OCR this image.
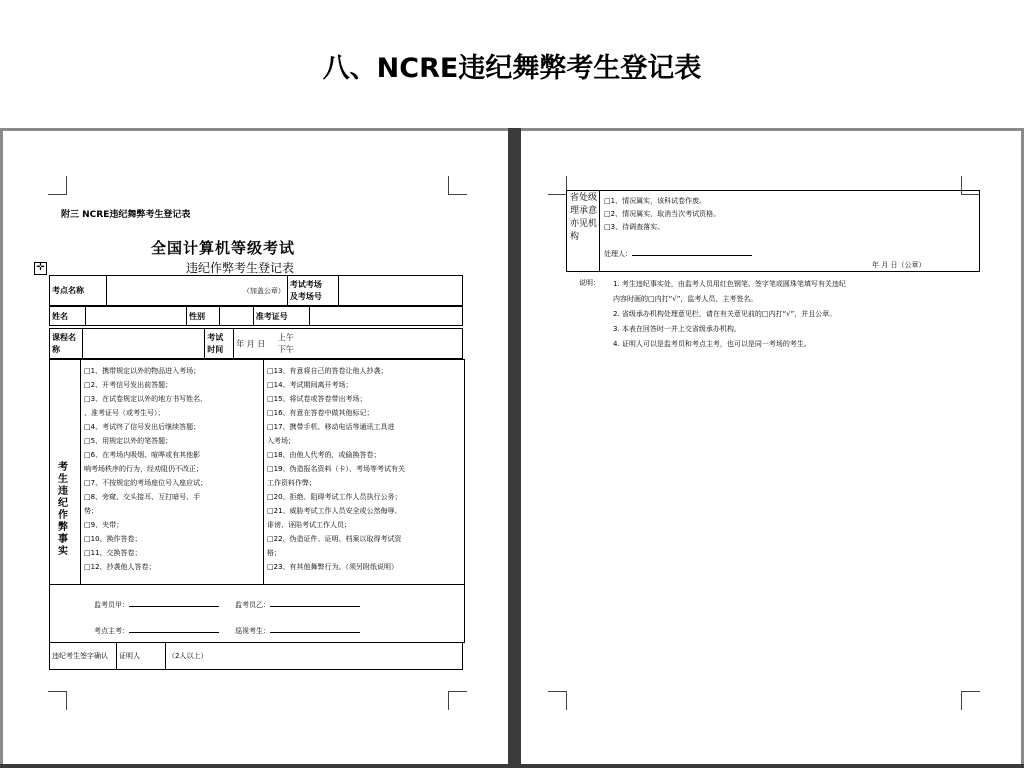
八、NCRE违纪舞弊考生登记表
附三 NCRE违纪舞弊考生登记表
全国计算机等级考试
违纪作弊考生登记表
✛
考点名称	（加盖公章）	考试考场
及考场号	
姓名		性别		准考证号	
课程名称		考试时间	年 月 日     上午
下午
考生违纪作弊事实
□1、携带规定以外的物品进入考场；
□2、开考信号发出前答题；
□3、在试卷规定以外的地方书写姓名、
、准考证号（或考生号）；
□4、考试终了信号发出后继续答题；
□5、用规定以外的笔答题；
□6、在考场内吸烟、喧哗或有其他影
响考场秩序的行为，经劝阻仍不改正；
□7、不按规定的考场座位号入座应试；
□8、旁窥、交头接耳、互打暗号、手
势；
□9、夹带；
□10、换作答卷；
□11、交换答卷；
□12、抄袭他人答卷；
□13、有意将自己的答卷让他人抄袭；
□14、考试期间离开考场；
□15、将试卷或答卷带出考场；
□16、有意在答卷中做其他标记；
□17、携带手机、移动电话等通讯工具进
入考场；
□18、由他人代考的，或偷换答卷；
□19、伪造报名资料（卡）、考场等考试有关
工作资料作弊；
□20、拒绝、阻碍考试工作人员执行公务；
□21、威胁考试工作人员安全或公然侮辱、
诽谤、诬陷考试工作人员；
□22、伪造证件、证明、档案以取得考试资
格；
□23、有其他舞弊行为。（须另附纸说明）
监考员甲：	监考员乙：
考点主考：	巡视考生：
违纪考生签字确认	证明人	（2人以上）
省处级理承意亦见机构
□1、情况属实，该科试卷作废。
□2、情况属实，取消当次考试资格。
□3、待调查落实。
处理人：
年 月 日（公章）
说明： 1. 考生违纪事实处，由监考人员用红色钢笔、签字笔或圆珠笔填写有关违纪
内容时画的□内打“√”，监考人员、主考签名。
2. 省级承办机构处理意见栏，请在有关意见前的□内打“√”，并且公章。
3. 本表在回答时一并上交省级承办机构。
4. 证明人可以是监考员和考点主考，也可以是同一考场的考生。
